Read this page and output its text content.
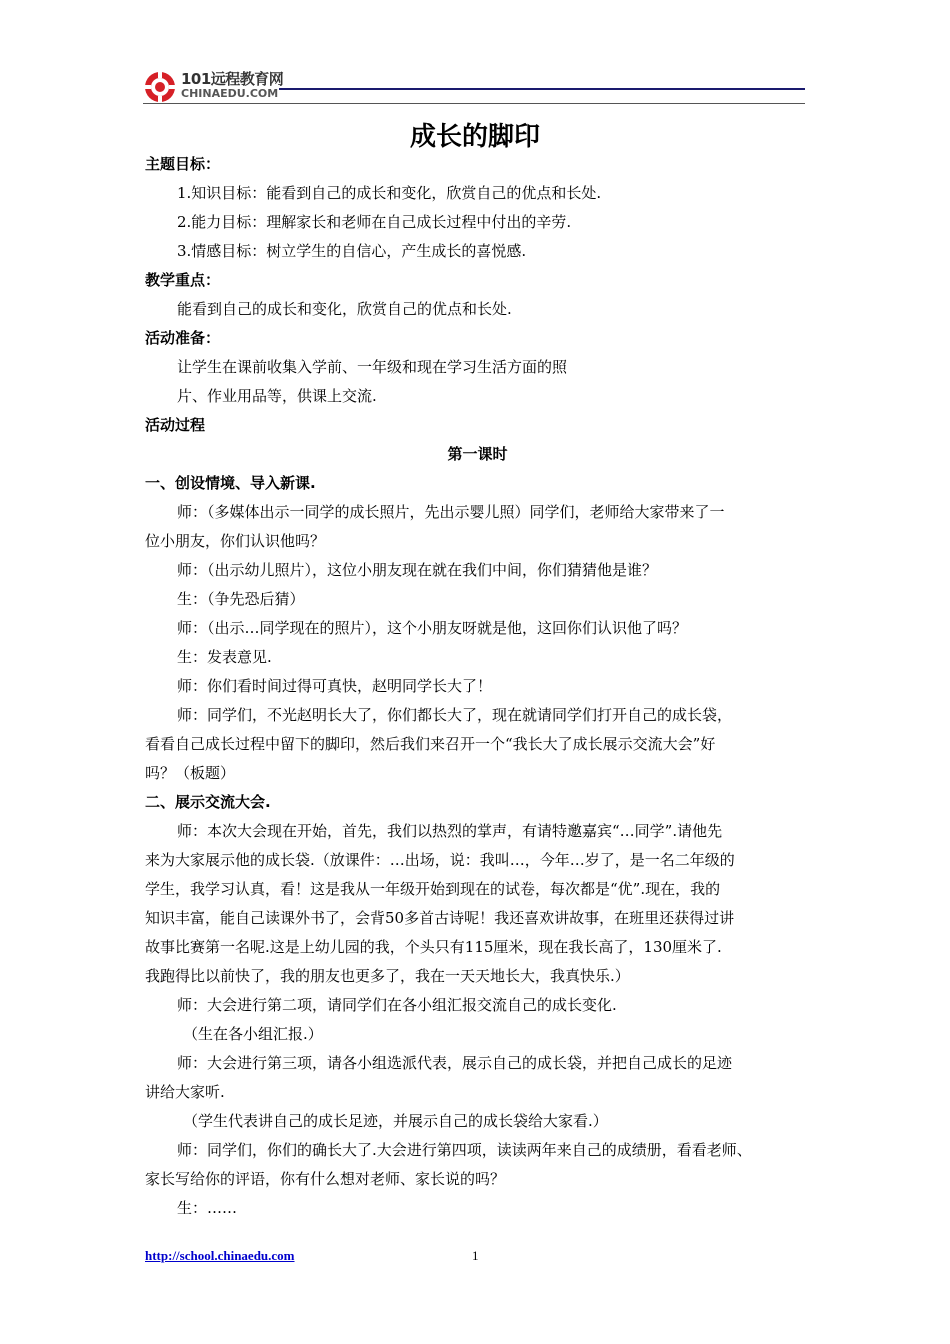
101远程教育网
CHINAEDU.COM
成长的脚印
主题目标：
1.知识目标：能看到自己的成长和变化，欣赏自己的优点和长处.
2.能力目标：理解家长和老师在自己成长过程中付出的辛劳.
3.情感目标：树立学生的自信心，产生成长的喜悦感.
教学重点：
能看到自己的成长和变化，欣赏自己的优点和长处.
活动准备：
让学生在课前收集入学前、一年级和现在学习生活方面的照
片、作业用品等，供课上交流.
活动过程
第一课时
一、创设情境、导入新课.
师：（多媒体出示一同学的成长照片，先出示婴儿照）同学们，老师给大家带来了一
位小朋友，你们认识他吗？
师：（出示幼儿照片），这位小朋友现在就在我们中间，你们猜猜他是谁？
生：（争先恐后猜）
师：（出示…同学现在的照片），这个小朋友呀就是他，这回你们认识他了吗？
生：发表意见.
师：你们看时间过得可真快，赵明同学长大了！
师：同学们，不光赵明长大了，你们都长大了，现在就请同学们打开自己的成长袋，
看看自己成长过程中留下的脚印，然后我们来召开一个“我长大了成长展示交流大会”好
吗？（板题）
二、展示交流大会.
师：本次大会现在开始，首先，我们以热烈的掌声，有请特邀嘉宾“…同学”.请他先
来为大家展示他的成长袋.（放课件：…出场，说：我叫…，今年…岁了，是一名二年级的
学生，我学习认真，看！这是我从一年级开始到现在的试卷，每次都是“优”.现在，我的
知识丰富，能自己读课外书了，会背50多首古诗呢！我还喜欢讲故事，在班里还获得过讲
故事比赛第一名呢.这是上幼儿园的我，个头只有115厘米，现在我长高了，130厘米了.
我跑得比以前快了，我的朋友也更多了，我在一天天地长大，我真快乐.）
师：大会进行第二项，请同学们在各小组汇报交流自己的成长变化.
（生在各小组汇报.）
师：大会进行第三项，请各小组选派代表，展示自己的成长袋，并把自己成长的足迹
讲给大家听.
（学生代表讲自己的成长足迹，并展示自己的成长袋给大家看.）
师：同学们，你们的确长大了.大会进行第四项，读读两年来自己的成绩册，看看老师、
家长写给你的评语，你有什么想对老师、家长说的吗？
生：……
http://school.chinaedu.com	1
